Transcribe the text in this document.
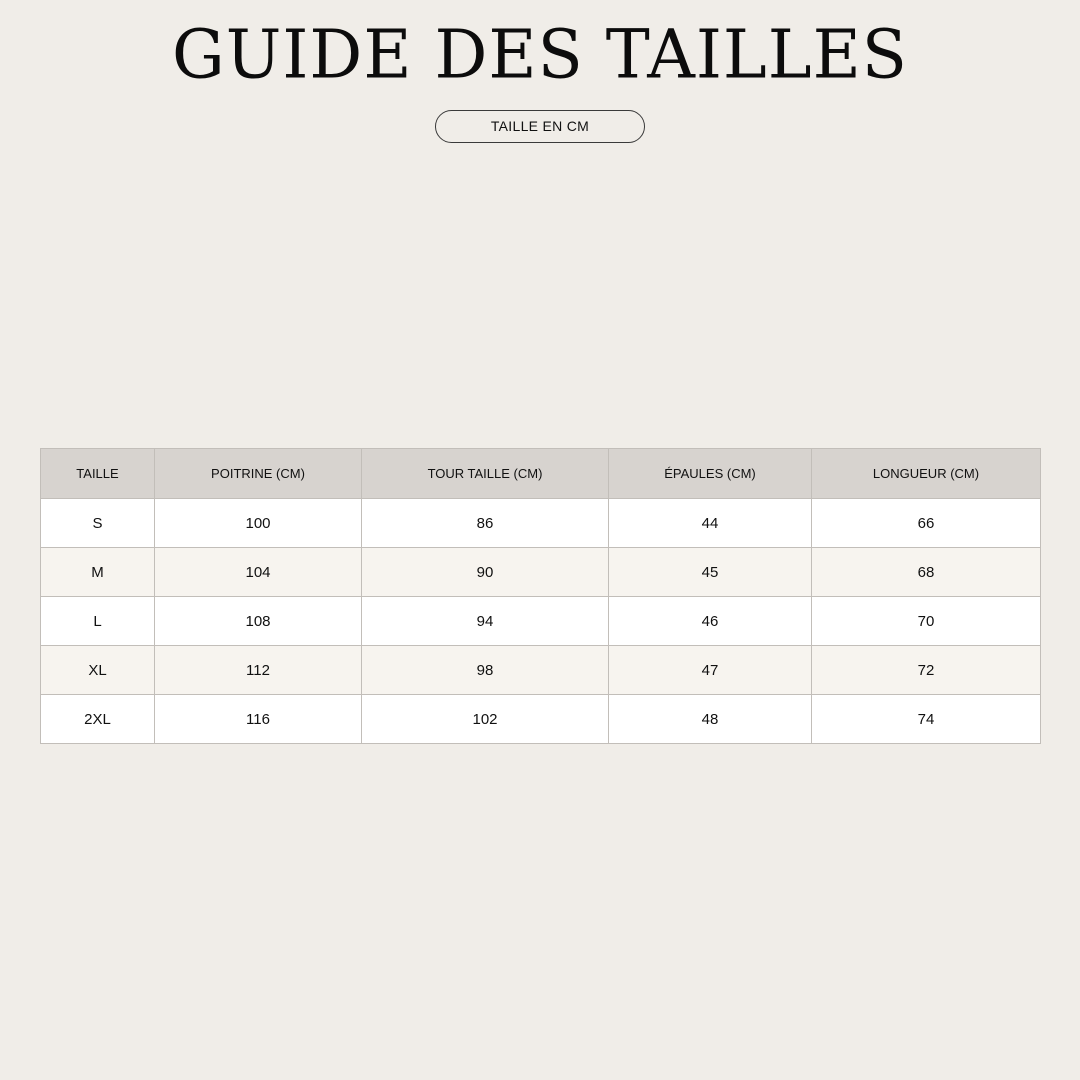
GUIDE DES TAILLES
TAILLE EN CM
TAILLE	POITRINE (CM)	TOUR TAILLE (CM)	ÉPAULES (CM)	LONGUEUR (CM)
S	100	86	44	66
M	104	90	45	68
L	108	94	46	70
XL	112	98	47	72
2XL	116	102	48	74
